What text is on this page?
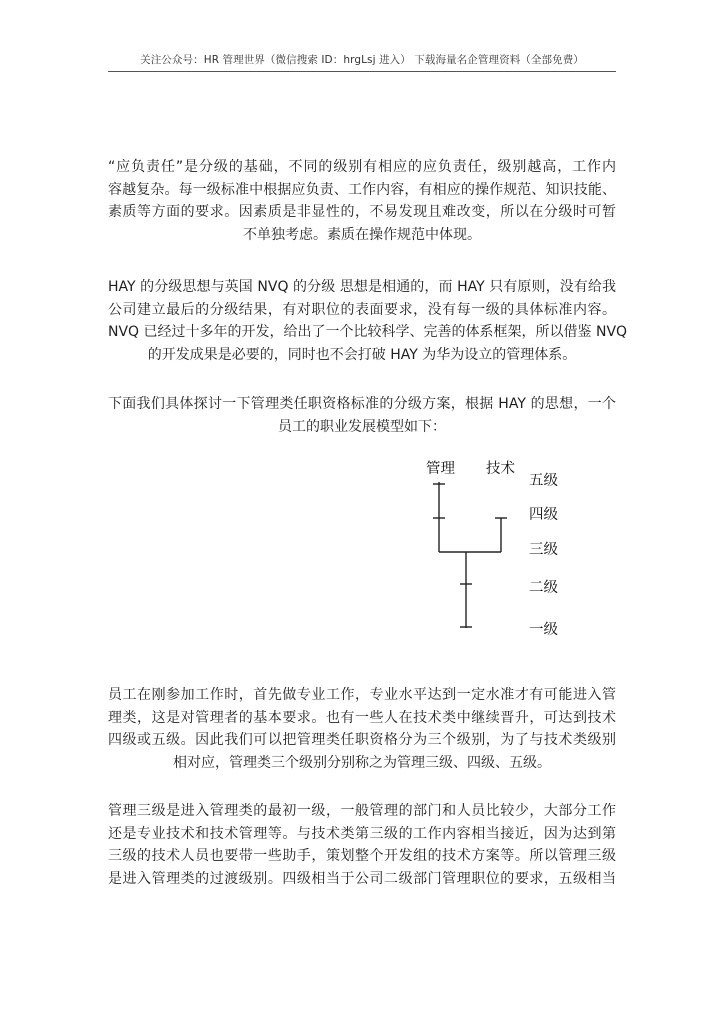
关注公众号：HR 管理世界（微信搜索 ID：hrgLsj 进入） 下载海量名企管理资料（全部免费）
“应负责任”是分级的基础，不同的级别有相应的应负责任，级别越高，工作内
容越复杂。每一级标准中根据应负责、工作内容，有相应的操作规范、知识技能、
素质等方面的要求。因素质是非显性的，不易发现且难改变，所以在分级时可暂
不单独考虑。素质在操作规范中体现。
HAY 的分级思想与英国 NVQ 的分级 思想是相通的，而 HAY 只有原则，没有给我
公司建立最后的分级结果，有对职位的表面要求，没有每一级的具体标准内容。
NVQ 已经过十多年的开发，给出了一个比较科学、完善的体系框架，所以借鉴 NVQ
的开发成果是必要的，同时也不会打破 HAY 为华为设立的管理体系。
下面我们具体探讨一下管理类任职资格标准的分级方案，根据 HAY 的思想，一个
员工的职业发展模型如下：
管理 技术
五级
四级
三级
二级
一级
员工在刚参加工作时，首先做专业工作，专业水平达到一定水准才有可能进入管
理类，这是对管理者的基本要求。也有一些人在技术类中继续晋升，可达到技术
四级或五级。因此我们可以把管理类任职资格分为三个级别，为了与技术类级别
相对应，管理类三个级别分别称之为管理三级、四级、五级。
管理三级是进入管理类的最初一级，一般管理的部门和人员比较少，大部分工作
还是专业技术和技术管理等。与技术类第三级的工作内容相当接近，因为达到第
三级的技术人员也要带一些助手，策划整个开发组的技术方案等。所以管理三级
是进入管理类的过渡级别。四级相当于公司二级部门管理职位的要求，五级相当
